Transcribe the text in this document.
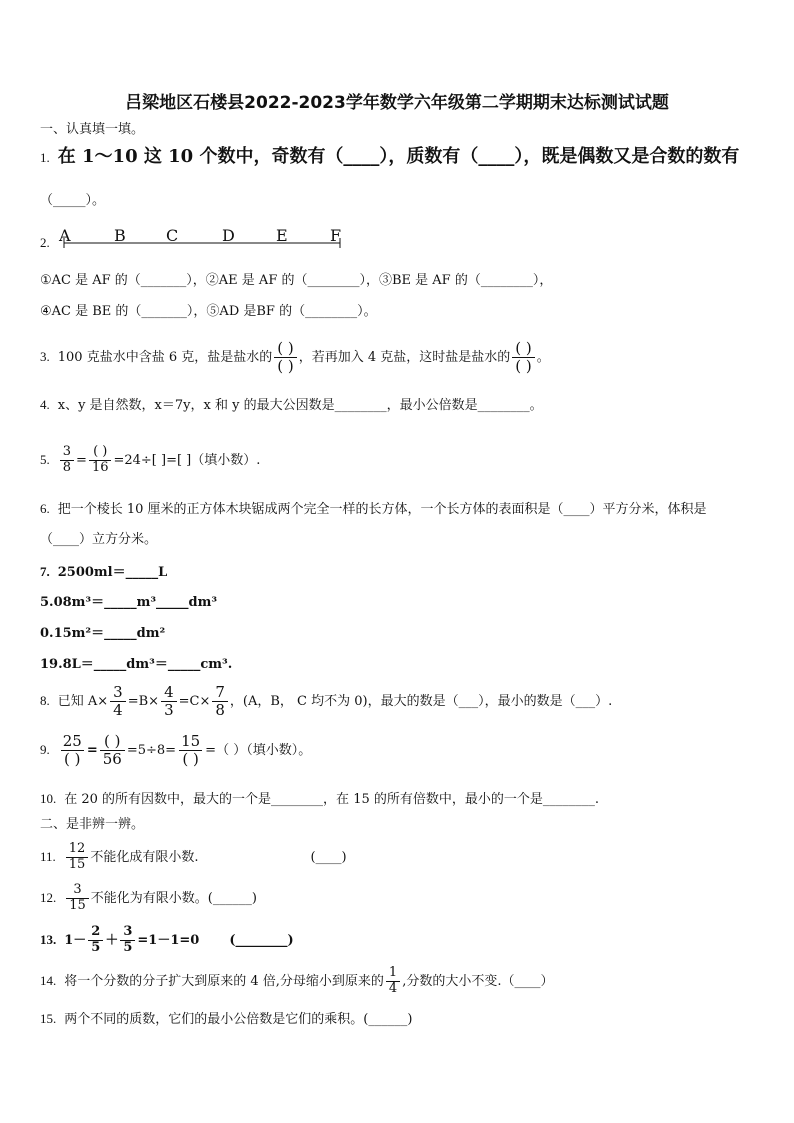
吕梁地区石楼县2022-2023学年数学六年级第二学期期末达标测试试题
一、认真填一填。
1. 在 1～10 这 10 个数中，奇数有（____），质数有（____），既是偶数又是合数的数有
（_____）。
2. A	B	C	D	E	F
①AC 是 AF 的（_______），②AE 是 AF 的（________），③BE 是 AF 的（________），
④AC 是 BE 的（_______），⑤AD 是BF 的（________）。
3. 100 克盐水中含盐 6 克，盐是盐水的 $\frac{( )}{( )}$ ，若再加入 4 克盐，这时盐是盐水的 $\frac{( )}{( )}$ 。
4. x、y 是自然数，x＝7y，x 和 y 的最大公因数是________，最小公倍数是________。
5. $\frac{3}{8} = \frac{( )}{16} =24\div$[ ]=[ ]（填小数）.
6. 把一个棱长 10 厘米的正方体木块锯成两个完全一样的长方体，一个长方体的表面积是（____）平方分米，体积是
（____）立方分米。
7. 2500ml＝_____L
5.08m³＝_____m³_____dm³
0.15m²＝_____dm²
19.8L＝_____dm³＝_____cm³.
8. 已知 $A\times \frac{3}{4} =B\times \frac{4}{3} =C\times \frac{7}{8}$ ，(A，B， C 均不为 0)，最大的数是（___），最小的数是（___）.
9. $\frac{25}{( )} = \frac{( )}{56} =5\div 8= \frac{15}{( )}$ =（ ）（填小数）。
10. 在 20 的所有因数中，最大的一个是________，在 15 的所有倍数中，最小的一个是________.
二、是非辨一辨。
11. $\frac{12}{15}$ 不能化成有限小数.	(____)
12. $\frac{3}{15}$ 不能化为有限小数。(______)
13. $1- \frac{2}{5} + \frac{3}{5} =1-1=0$ (________)
14. 将一个分数的分子扩大到原来的 4 倍,分母缩小到原来的 $\frac{1}{4}$ ,分数的大小不变.（____）
15. 两个不同的质数，它们的最小公倍数是它们的乘积。(______)
